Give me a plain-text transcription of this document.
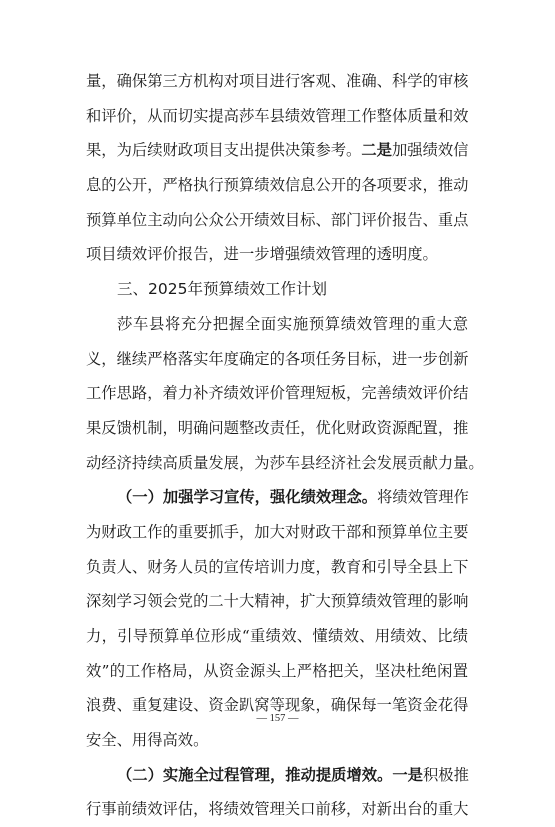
量，确保第三方机构对项目进行客观、准确、科学的审核
和评价，从而切实提高莎车县绩效管理工作整体质量和效
果，为后续财政项目支出提供决策参考。二是加强绩效信
息的公开，严格执行预算绩效信息公开的各项要求，推动
预算单位主动向公众公开绩效目标、部门评价报告、重点
项目绩效评价报告，进一步增强绩效管理的透明度。
三、2025年预算绩效工作计划
莎车县将充分把握全面实施预算绩效管理的重大意
义，继续严格落实年度确定的各项任务目标，进一步创新
工作思路，着力补齐绩效评价管理短板，完善绩效评价结
果反馈机制，明确问题整改责任，优化财政资源配置，推
动经济持续高质量发展，为莎车县经济社会发展贡献力量。
（一）加强学习宣传，强化绩效理念。将绩效管理作
为财政工作的重要抓手，加大对财政干部和预算单位主要
负责人、财务人员的宣传培训力度，教育和引导全县上下
深刻学习领会党的二十大精神，扩大预算绩效管理的影响
力，引导预算单位形成“重绩效、懂绩效、用绩效、比绩
效”的工作格局，从资金源头上严格把关，坚决杜绝闲置
浪费、重复建设、资金趴窝等现象，确保每一笔资金花得
安全、用得高效。
（二）实施全过程管理，推动提质增效。一是积极推
行事前绩效评估，将绩效管理关口前移，对新出台的重大
— 157 —
